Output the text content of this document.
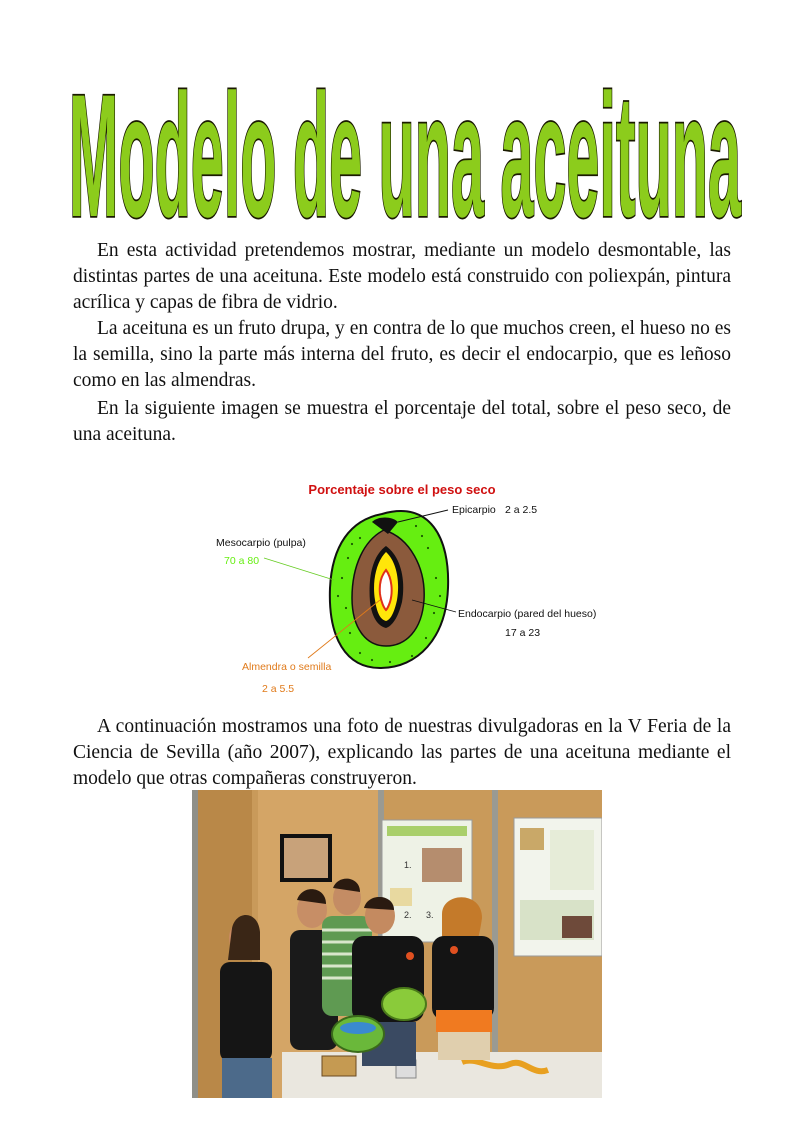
Modelo de una aceituna

En esta actividad pretendemos mostrar, mediante un modelo desmontable, las distintas partes de una aceituna. Este modelo está construido con poliexpán, pintura acrílica y capas de fibra de vidrio.

La aceituna es un fruto drupa, y en contra de lo que muchos creen, el hueso no es la semilla, sino la parte más interna del fruto, es decir el endocarpio, que es leñoso como en las almendras.

En la siguiente imagen se muestra el porcentaje del total, sobre el peso seco, de una aceituna.

Porcentaje sobre el peso seco
Epicarpio 2 a 2.5
Mesocarpio (pulpa)
70 a 80
Endocarpio (pared del hueso)
17 a 23
Almendra o semilla
2 a 5.5

A continuación mostramos una foto de nuestras divulgadoras en la V Feria de la Ciencia de Sevilla (año 2007), explicando las partes de una aceituna mediante el modelo que otras compañeras construyeron.

1.
2. 3.
